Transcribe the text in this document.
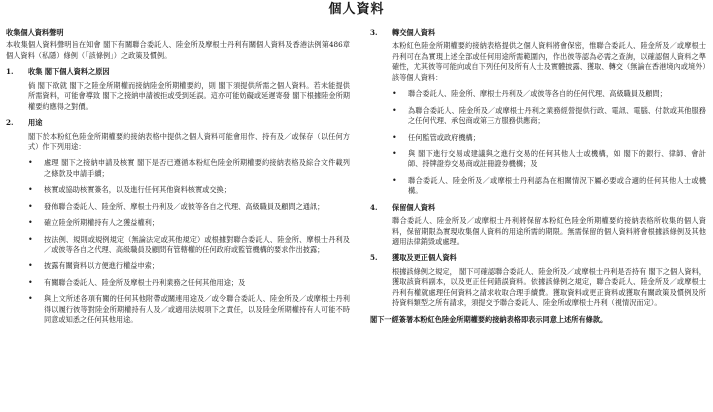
個人資料
收集個人資料聲明
本收集個人資料聲明旨在知會 閣下有關聯合委託人、陸金所及摩根士丹利有關個人資料及香港法例第486章個人資料（私隱）條例（「該條例」）之政策及慣例。
1.	收集 閣下個人資料之原因
倘 閣下欲就 閣下之陸金所期權而接納陸金所期權要約，則 閣下須提供所需之個人資料。若未能提供所需資料，可能會導致 閣下之接納申請被拒或受到延誤。這亦可能妨礙或延遲寄發 閣下根據陸金所期權要約應得之對價。
2.	用途
閣下於本粉紅色陸金所期權要約接納表格中提供之個人資料可能會用作、持有及／或保存（以任何方式）作下列用途：
•	處理 閣下之接納申請及核實 閣下是否已遵循本粉紅色陸金所期權要約接納表格及綜合文件載列之條款及申請手續；
•	核實或協助核實簽名，以及進行任何其他資料核實或交換；
•	發佈聯合委託人、陸金所、摩根士丹利及／或彼等各自之代理、高級職員及顧問之通訊；
•	確立陸金所期權持有人之獲益權利；
•	按法例、規則或規例規定（無論法定或其他規定）或根據對聯合委託人、陸金所、摩根士丹利及／或彼等各自之代理、高級職員及顧問有管轄權的任何政府或監管機構的要求作出披露；
•	披露有關資料以方便進行權益申索；
•	有關聯合委託人、陸金所及摩根士丹利業務之任何其他用途；及
•	與上文所述各項有關的任何其他附帶或關連用途及／或令聯合委託人、陸金所及／或摩根士丹利得以履行彼等對陸金所期權持有人及／或適用法規項下之責任，以及陸金所期權持有人可能不時同意或知悉之任何其他用途。
3.	轉交個人資料
本粉紅色陸金所期權要約接納表格提供之個人資料將會保密，惟聯合委託人、陸金所及／或摩根士丹利可在為實現上述全部或任何用途所需範圍內，作出彼等認為必需之查詢，以確認個人資料之準確性，尤其彼等可能向或自下列任何及所有人士及實體披露、獲取、轉交（無論在香港境內或境外）該等個人資料：
•	聯合委託人、陸金所、摩根士丹利及／或彼等各自的任何代理、高級職員及顧問；
•	為聯合委託人、陸金所及／或摩根士丹利之業務經營提供行政、電訊、電腦、付款或其他服務之任何代理、承包商或第三方服務供應商；
•	任何監管或政府機構；
•	與 閣下進行交易或建議與之進行交易的任何其他人士或機構，如 閣下的銀行、律師、會計師、持牌證券交易商或註冊證券機構；及
•	聯合委託人、陸金所及／或摩根士丹利認為在相關情況下屬必要或合適的任何其他人士或機構。
4.	保留個人資料
聯合委託人、陸金所及／或摩根士丹利將保留本粉紅色陸金所期權要約接納表格所收集的個人資料，保留期限為實現收集個人資料的用途所需的期限。無需保留的個人資料將會根據該條例及其他適用法律銷毀或處理。
5.	獲取及更正個人資料
根據該條例之規定， 閣下可確認聯合委託人、陸金所及／或摩根士丹利是否持有 閣下之個人資料，獲取該資料副本，以及更正任何錯誤資料。依據該條例之規定，聯合委託人、陸金所及／或摩根士丹利有權就處理任何資料之請求收取合理手續費。獲取資料或更正資料或獲取有關政策及慣例及所持資料類型之所有請求，須提交予聯合委託人、陸金所或摩根士丹利（視情況而定）。
閣下一經簽署本粉紅色陸金所期權要約接納表格即表示同意上述所有條款。
